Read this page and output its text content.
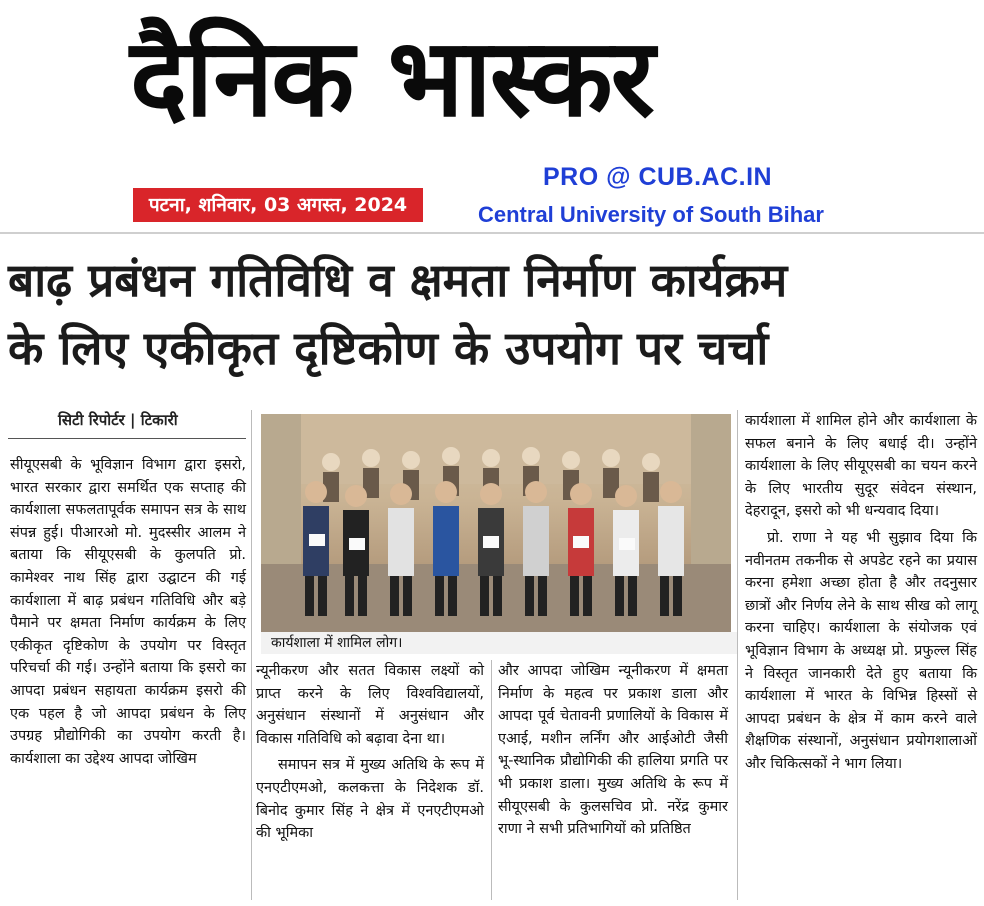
दैनिक भास्कर
पटना, शनिवार, 03 अगस्त, 2024
PRO @ CUB.AC.IN
Central University of South Bihar
बाढ़ प्रबंधन गतिविधि व क्षमता निर्माण कार्यक्रम
के लिए एकीकृत दृष्टिकोण के उपयोग पर चर्चा
सिटी रिपोर्टर | टिकारी

सीयूएसबी के भूविज्ञान विभाग द्वारा इसरो, भारत सरकार द्वारा समर्थित एक सप्ताह की कार्यशाला सफलतापूर्वक समापन सत्र के साथ संपन्न हुई। पीआरओ मो. मुदस्सीर आलम ने बताया कि सीयूएसबी के कुलपति प्रो. कामेश्वर नाथ सिंह द्वारा उद्घाटन की गई कार्यशाला में बाढ़ प्रबंधन गतिविधि और बड़े पैमाने पर क्षमता निर्माण कार्यक्रम के लिए एकीकृत दृष्टिकोण के उपयोग पर विस्तृत परिचर्चा की गई। उन्होंने बताया कि इसरो का आपदा प्रबंधन सहायता कार्यक्रम इसरो की एक पहल है जो आपदा प्रबंधन के लिए उपग्रह प्रौद्योगिकी का उपयोग करती है। कार्यशाला का उद्देश्य आपदा जोखिम

कार्यशाला में शामिल लोग।

न्यूनीकरण और सतत विकास लक्ष्यों को प्राप्त करने के लिए विश्वविद्यालयों, अनुसंधान संस्थानों में अनुसंधान और विकास गतिविधि को बढ़ावा देना था।

समापन सत्र में मुख्य अतिथि के रूप में एनएटीएमओ, कलकत्ता के निदेशक डॉ. बिनोद कुमार सिंह ने क्षेत्र में एनएटीएमओ की भूमिका

और आपदा जोखिम न्यूनीकरण में क्षमता निर्माण के महत्व पर प्रकाश डाला और आपदा पूर्व चेतावनी प्रणालियों के विकास में एआई, मशीन लर्निंग और आईओटी जैसी भू-स्थानिक प्रौद्योगिकी की हालिया प्रगति पर भी प्रकाश डाला। मुख्य अतिथि के रूप में सीयूएसबी के कुलसचिव प्रो. नरेंद्र कुमार राणा ने सभी प्रतिभागियों को प्रतिष्ठित

कार्यशाला में शामिल होने और कार्यशाला के सफल बनाने के लिए बधाई दी। उन्होंने कार्यशाला के लिए सीयूएसबी का चयन करने के लिए भारतीय सुदूर संवेदन संस्थान, देहरादून, इसरो को भी धन्यवाद दिया।

प्रो. राणा ने यह भी सुझाव दिया कि नवीनतम तकनीक से अपडेट रहने का प्रयास करना हमेशा अच्छा होता है और तदनुसार छात्रों और निर्णय लेने के साथ सीख को लागू करना चाहिए। कार्यशाला के संयोजक एवं भूविज्ञान विभाग के अध्यक्ष प्रो. प्रफुल्ल सिंह ने विस्तृत जानकारी देते हुए बताया कि कार्यशाला में भारत के विभिन्न हिस्सों से आपदा प्रबंधन के क्षेत्र में काम करने वाले शैक्षणिक संस्थानों, अनुसंधान प्रयोगशालाओं और चिकित्सकों ने भाग लिया।
